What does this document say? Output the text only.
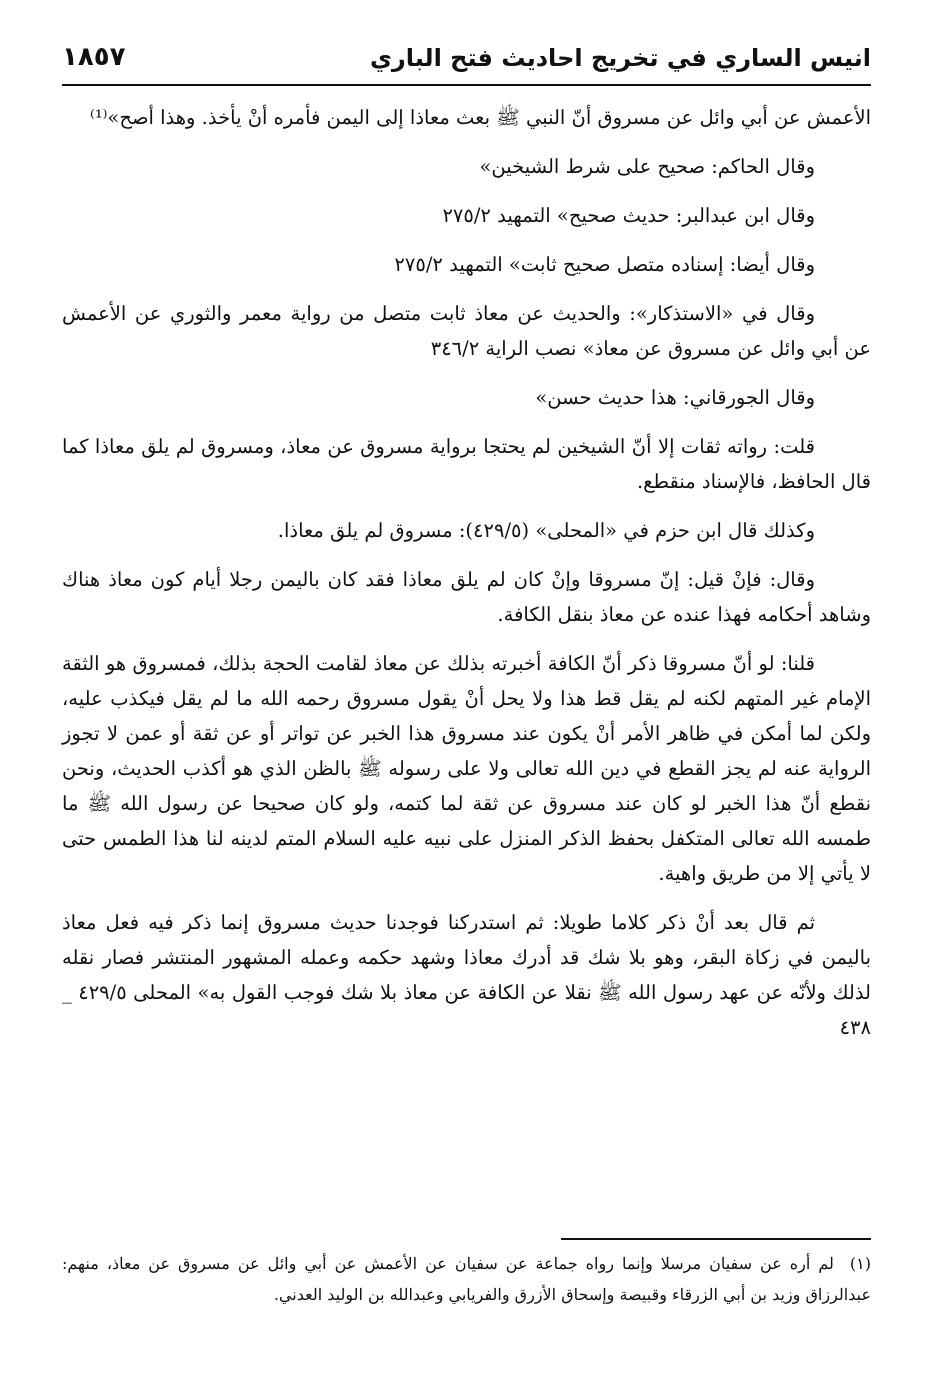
انيس الساري في تخريج احاديث فتح الباري
١٨٥٧

الأعمش عن أبي وائل عن مسروق أنّ النبي ﷺ بعث معاذا إلى اليمن فأمره أنْ يأخذ. وهذا أصح»⁽¹⁾

وقال الحاكم: صحيح على شرط الشيخين»

وقال ابن عبدالبر: حديث صحيح» التمهيد ٢٧٥/٢

وقال أيضا: إسناده متصل صحيح ثابت» التمهيد ٢٧٥/٢

وقال في «الاستذكار»: والحديث عن معاذ ثابت متصل من رواية معمر والثوري عن الأعمش عن أبي وائل عن مسروق عن معاذ» نصب الراية ٣٤٦/٢

وقال الجورقاني: هذا حديث حسن»

قلت: رواته ثقات إلا أنّ الشيخين لم يحتجا برواية مسروق عن معاذ، ومسروق لم يلق معاذا كما قال الحافظ، فالإسناد منقطع.

وكذلك قال ابن حزم في «المحلى» (٤٢٩/٥): مسروق لم يلق معاذا.

وقال: فإنْ قيل: إنّ مسروقا وإنْ كان لم يلق معاذا فقد كان باليمن رجلا أيام كون معاذ هناك وشاهد أحكامه فهذا عنده عن معاذ بنقل الكافة.

قلنا: لو أنّ مسروقا ذكر أنّ الكافة أخبرته بذلك عن معاذ لقامت الحجة بذلك، فمسروق هو الثقة الإمام غير المتهم لكنه لم يقل قط هذا ولا يحل أنْ يقول مسروق رحمه الله ما لم يقل فيكذب عليه، ولكن لما أمكن في ظاهر الأمر أنْ يكون عند مسروق هذا الخبر عن تواتر أو عن ثقة أو عمن لا تجوز الرواية عنه لم يجز القطع في دين الله تعالى ولا على رسوله ﷺ بالظن الذي هو أكذب الحديث، ونحن نقطع أنّ هذا الخبر لو كان عند مسروق عن ثقة لما كتمه، ولو كان صحيحا عن رسول الله ﷺ ما طمسه الله تعالى المتكفل بحفظ الذكر المنزل على نبيه عليه السلام المتم لدينه لنا هذا الطمس حتى لا يأتي إلا من طريق واهية.

ثم قال بعد أنْ ذكر كلاما طويلا: ثم استدركنا فوجدنا حديث مسروق إنما ذكر فيه فعل معاذ باليمن في زكاة البقر، وهو بلا شك قد أدرك معاذا وشهد حكمه وعمله المشهور المنتشر فصار نقله لذلك ولأنّه عن عهد رسول الله ﷺ نقلا عن الكافة عن معاذ بلا شك فوجب القول به» المحلى ٤٢٩/٥ _ ٤٣٨

(١) لم أره عن سفيان مرسلا وإنما رواه جماعة عن سفيان عن الأعمش عن أبي وائل عن مسروق عن معاذ، منهم: عبدالرزاق وزيد بن أبي الزرقاء وقبيصة وإسحاق الأزرق والفريابي وعبدالله بن الوليد العدني.
